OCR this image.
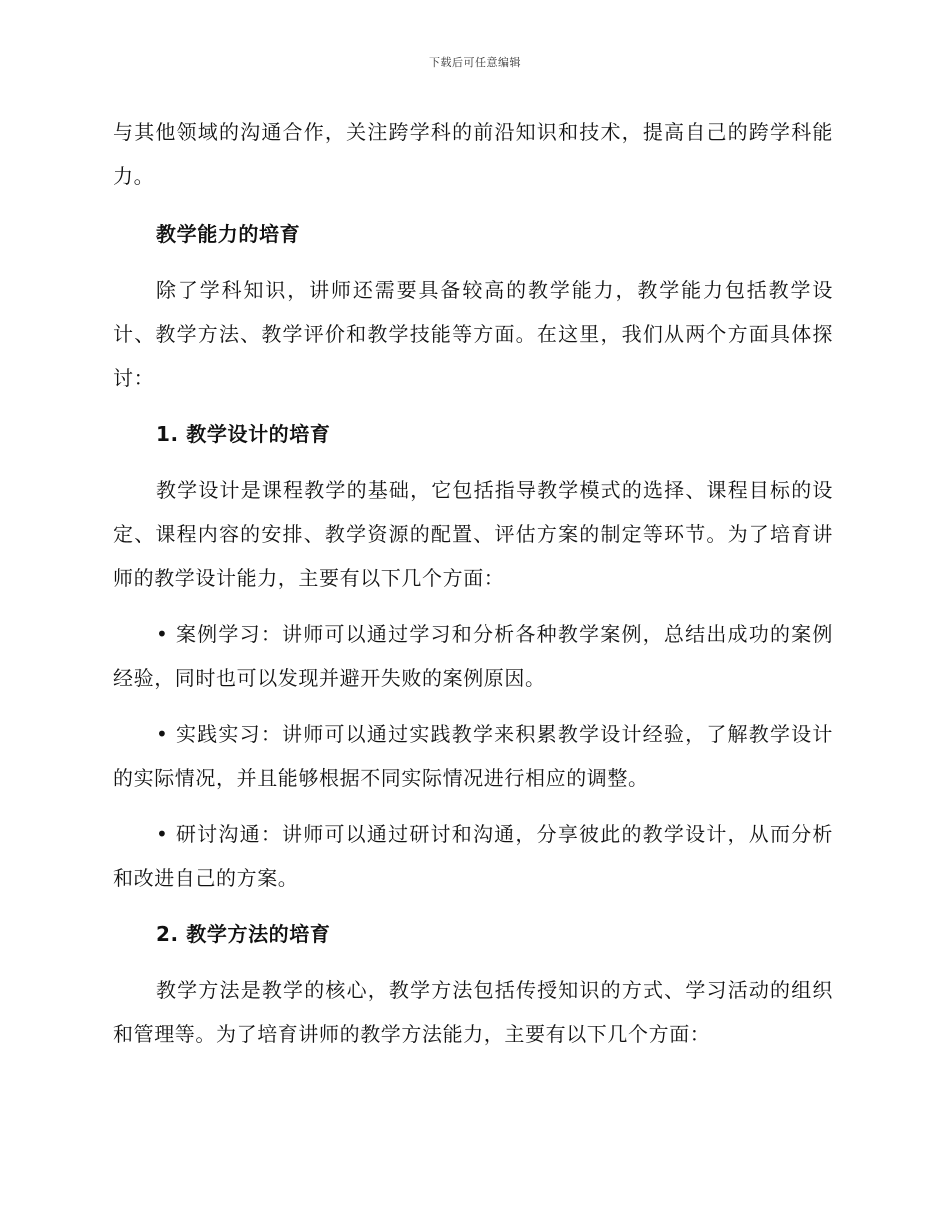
下载后可任意编辑

与其他领域的沟通合作，关注跨学科的前沿知识和技术，提高自己的跨学科能力。

教学能力的培育

除了学科知识，讲师还需要具备较高的教学能力，教学能力包括教学设计、教学方法、教学评价和教学技能等方面。在这里，我们从两个方面具体探讨：

1. 教学设计的培育

教学设计是课程教学的基础，它包括指导教学模式的选择、课程目标的设定、课程内容的安排、教学资源的配置、评估方案的制定等环节。为了培育讲师的教学设计能力，主要有以下几个方面：

• 案例学习：讲师可以通过学习和分析各种教学案例，总结出成功的案例经验，同时也可以发现并避开失败的案例原因。

• 实践实习：讲师可以通过实践教学来积累教学设计经验，了解教学设计的实际情况，并且能够根据不同实际情况进行相应的调整。

• 研讨沟通：讲师可以通过研讨和沟通，分享彼此的教学设计，从而分析和改进自己的方案。

2. 教学方法的培育

教学方法是教学的核心，教学方法包括传授知识的方式、学习活动的组织和管理等。为了培育讲师的教学方法能力，主要有以下几个方面：
